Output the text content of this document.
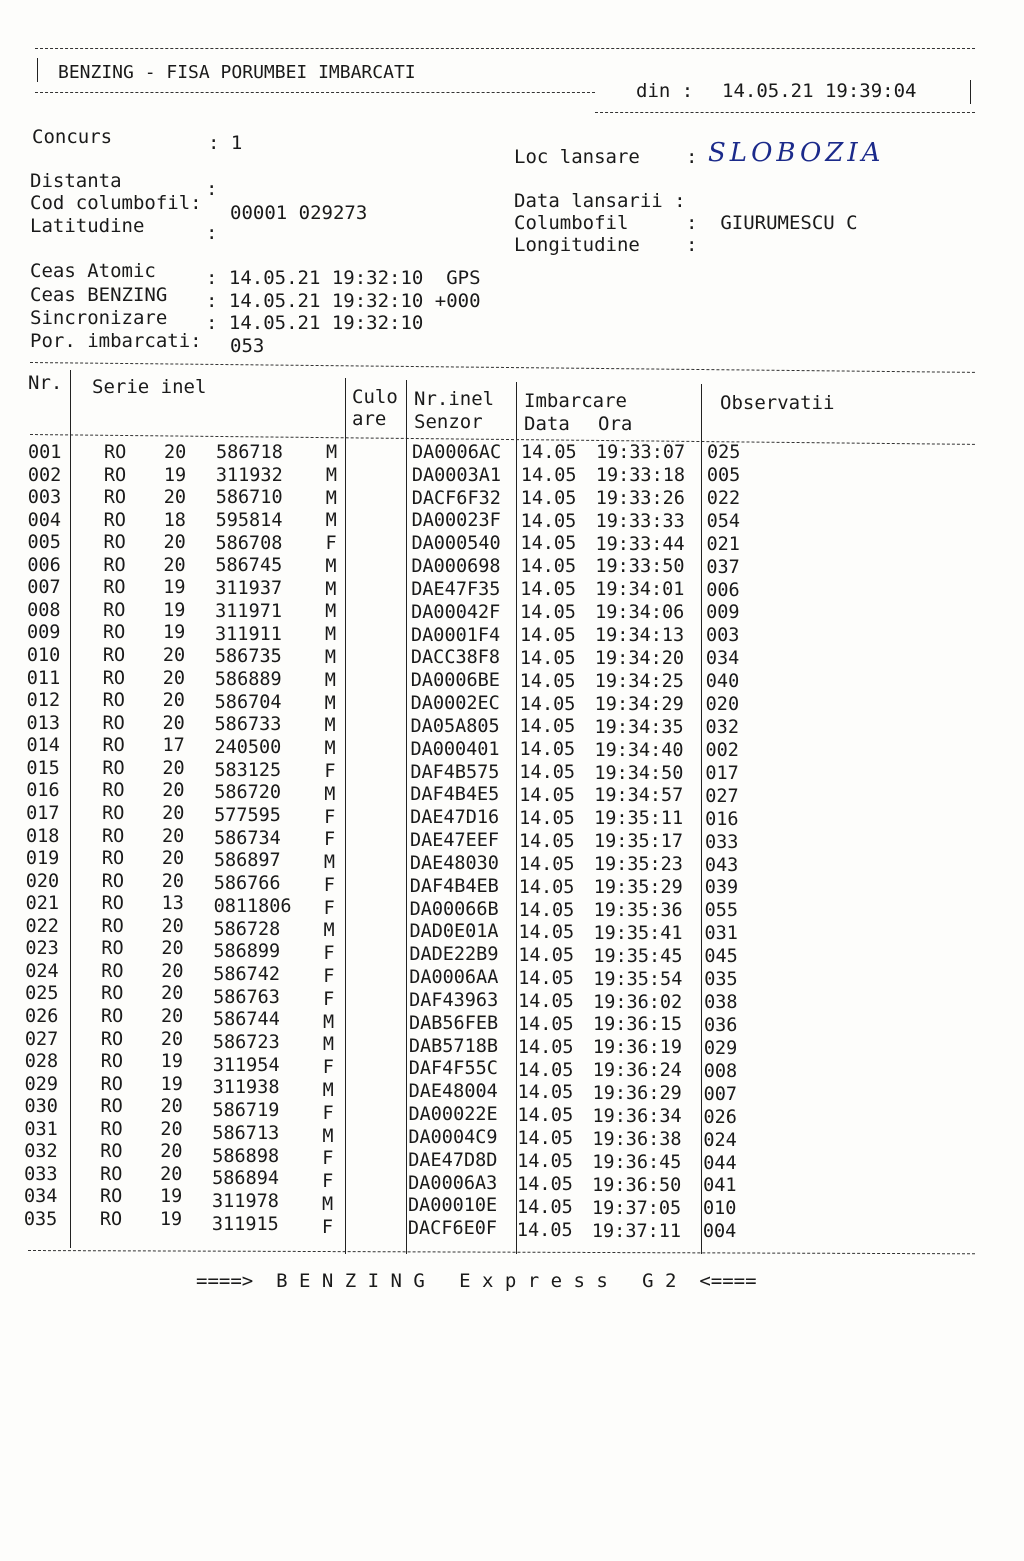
BENZING - FISA PORUMBEI IMBARCATI
din : 14.05.21 19:39:04
Concurs	: 1
Loc lansare : SLOBOZIA
Distanta	:
Cod columbofil: 00001 029273
Latitudine	:
Data lansarii :
Columbofil	:  GIURUMESCU C
Longitudine :
Ceas Atomic	: 14.05.21 19:32:10  GPS
Ceas BENZING : 14.05.21 19:32:10 +000
Sincronizare : 14.05.21 19:32:10
Por. imbarcati: 053
Nr. Serie inel	Culo
are
Nr.inel
Senzor
Imbarcare
Data Ora
Observatii
001 RO 20 586718 M	DA0006AC 14.05 19:33:07 025
002 RO 19 311932 M	DA0003A1 14.05 19:33:18 005
003 RO 20 586710 M	DACF6F32 14.05 19:33:26 022
004 RO 18 595814 M	DA00023F 14.05 19:33:33 054
005 RO 20 586708 F	DA000540 14.05 19:33:44 021
006 RO 20 586745 M	DA000698 14.05 19:33:50 037
007 RO 19 311937 M	DAE47F35 14.05 19:34:01 006
008 RO 19 311971 M	DA00042F 14.05 19:34:06 009
009 RO 19 311911 M	DA0001F4 14.05 19:34:13 003
010 RO 20 586735 M	DACC38F8 14.05 19:34:20 034
011 RO 20 586889 M	DA0006BE 14.05 19:34:25 040
012 RO 20 586704 M	DA0002EC 14.05 19:34:29 020
013 RO 20 586733 M	DA05A805 14.05 19:34:35 032
014 RO 17 240500 M	DA000401 14.05 19:34:40 002
015 RO 20 583125 F	DAF4B575 14.05 19:34:50 017
016 RO 20 586720 M	DAF4B4E5 14.05 19:34:57 027
017 RO 20 577595 F	DAE47D16 14.05 19:35:11 016
018 RO 20 586734 F	DAE47EEF 14.05 19:35:17 033
019 RO 20 586897 M	DAE48030 14.05 19:35:23 043
020 RO 20 586766 F	DAF4B4EB 14.05 19:35:29 039
021 RO 13 0811806 F	DA00066B 14.05 19:35:36 055
022 RO 20 586728 M	DAD0E01A 14.05 19:35:41 031
023 RO 20 586899 F	DADE22B9 14.05 19:35:45 045
024 RO 20 586742 F	DA0006AA 14.05 19:35:54 035
025 RO 20 586763 F	DAF43963 14.05 19:36:02 038
026 RO 20 586744 M	DAB56FEB 14.05 19:36:15 036
027 RO 20 586723 M	DAB5718B 14.05 19:36:19 029
028 RO 19 311954 F	DAF4F55C 14.05 19:36:24 008
029 RO 19 311938 M	DAE48004 14.05 19:36:29 007
030 RO 20 586719 F	DA00022E 14.05 19:36:34 026
031 RO 20 586713 M	DA0004C9 14.05 19:36:38 024
032 RO 20 586898 F	DAE47D8D 14.05 19:36:45 044
033 RO 20 586894 F	DA0006A3 14.05 19:36:50 041
034 RO 19 311978 M	DA00010E 14.05 19:37:05 010
035 RO 19 311915 F	DACF6E0F 14.05 19:37:11 004
====>  B E N Z I N G   E x p r e s s   G 2  <====
